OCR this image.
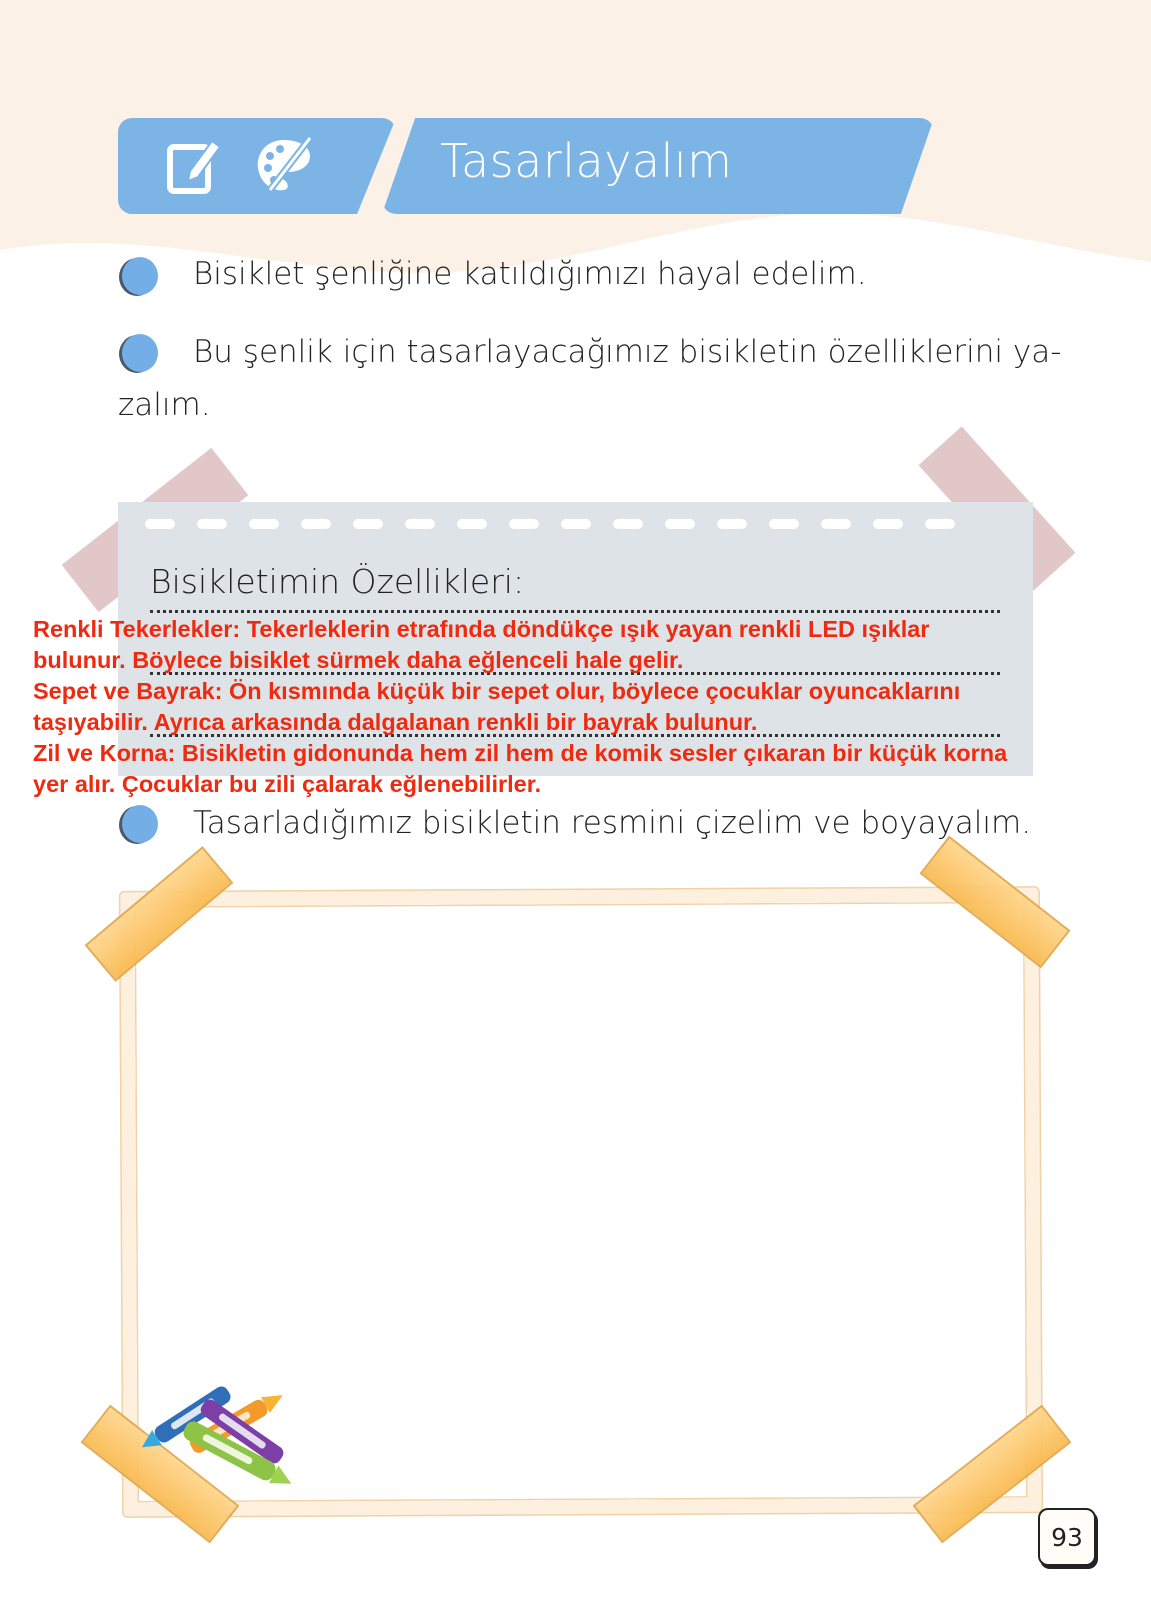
Tasarlayalım
Bisiklet şenliğine katıldığımızı hayal edelim.
Bu şenlik için tasarlayacağımız bisikletin özelliklerini ya-
zalım.
Bisikletimin Özellikleri:
Renkli Tekerlekler: Tekerleklerin etrafında döndükçe ışık yayan renkli LED ışıklar
bulunur. Böylece bisiklet sürmek daha eğlenceli hale gelir.
Sepet ve Bayrak: Ön kısmında küçük bir sepet olur, böylece çocuklar oyuncaklarını
taşıyabilir. Ayrıca arkasında dalgalanan renkli bir bayrak bulunur.
Zil ve Korna: Bisikletin gidonunda hem zil hem de komik sesler çıkaran bir küçük korna
yer alır. Çocuklar bu zili çalarak eğlenebilirler.
Tasarladığımız bisikletin resmini çizelim ve boyayalım.
93
